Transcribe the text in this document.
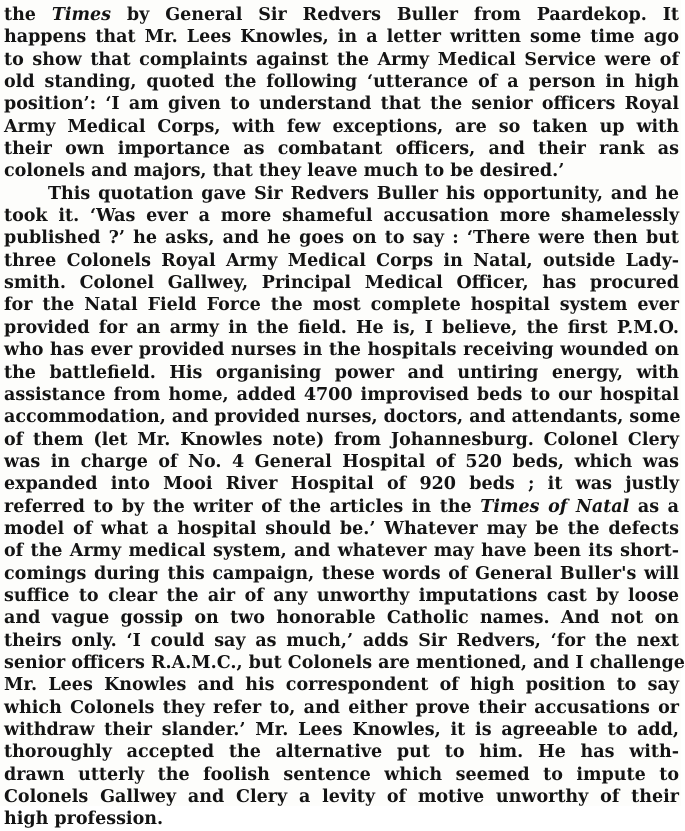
the Times by General Sir Redvers Buller from Paardekop. It
happens that Mr. Lees Knowles, in a letter written some time ago
to show that complaints against the Army Medical Service were of
old standing, quoted the following ‘utterance of a person in high
position’: ‘I am given to understand that the senior officers Royal
Army Medical Corps, with few exceptions, are so taken up with
their own importance as combatant officers, and their rank as
colonels and majors, that they leave much to be desired.’
This quotation gave Sir Redvers Buller his opportunity, and he
took it. ‘Was ever a more shameful accusation more shamelessly
published ?’ he asks, and he goes on to say : ‘There were then but
three Colonels Royal Army Medical Corps in Natal, outside Lady-
smith. Colonel Gallwey, Principal Medical Officer, has procured
for the Natal Field Force the most complete hospital system ever
provided for an army in the field. He is, I believe, the first P.M.O.
who has ever provided nurses in the hospitals receiving wounded on
the battlefield. His organising power and untiring energy, with
assistance from home, added 4700 improvised beds to our hospital
accommodation, and provided nurses, doctors, and attendants, some
of them (let Mr. Knowles note) from Johannesburg. Colonel Clery
was in charge of No. 4 General Hospital of 520 beds, which was
expanded into Mooi River Hospital of 920 beds ; it was justly
referred to by the writer of the articles in the Times of Natal as a
model of what a hospital should be.’ Whatever may be the defects
of the Army medical system, and whatever may have been its short-
comings during this campaign, these words of General Buller's will
suffice to clear the air of any unworthy imputations cast by loose
and vague gossip on two honorable Catholic names. And not on
theirs only. ‘I could say as much,’ adds Sir Redvers, ‘for the next
senior officers R.A.M.C., but Colonels are mentioned, and I challenge
Mr. Lees Knowles and his correspondent of high position to say
which Colonels they refer to, and either prove their accusations or
withdraw their slander.’ Mr. Lees Knowles, it is agreeable to add,
thoroughly accepted the alternative put to him. He has with-
drawn utterly the foolish sentence which seemed to impute to
Colonels Gallwey and Clery a levity of motive unworthy of their
high profession.
